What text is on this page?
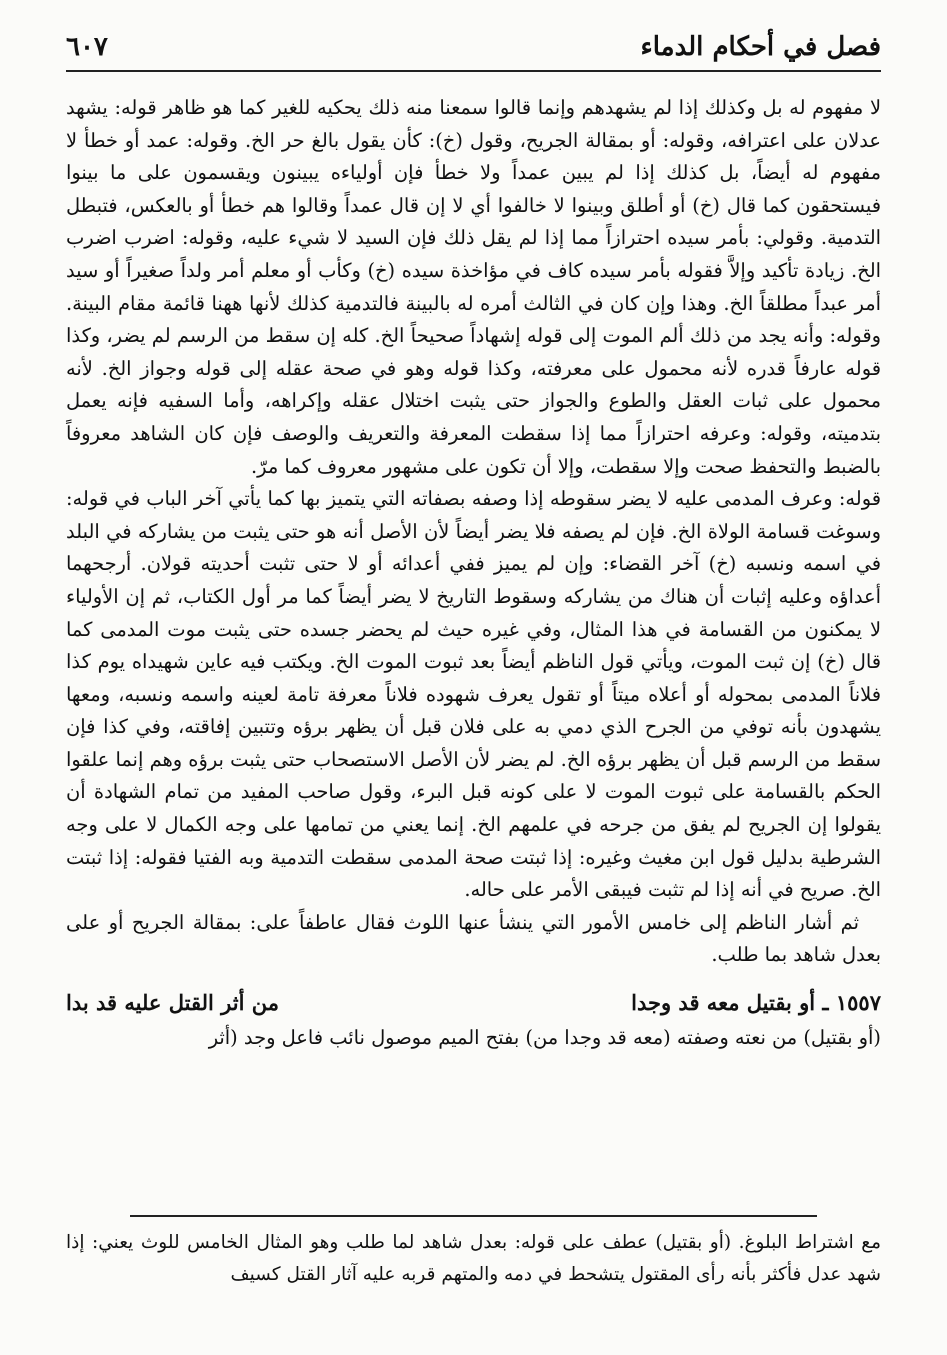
٦٠٧	فصل في أحكام الدماء

لا مفهوم له بل وكذلك إذا لم يشهدهم وإنما قالوا سمعنا منه ذلك يحكيه للغير كما هو ظاهر قوله: يشهد عدلان على اعترافه، وقوله: أو بمقالة الجريح، وقول (خ): كأن يقول بالغ حر الخ. وقوله: عمد أو خطأ لا مفهوم له أيضاً، بل كذلك إذا لم يبين عمداً ولا خطأ فإن أولياءه يبينون ويقسمون على ما بينوا فيستحقون كما قال (خ) أو أطلق وبينوا لا خالفوا أي لا إن قال عمداً وقالوا هم خطأ أو بالعكس، فتبطل التدمية. وقولي: بأمر سيده احترازاً مما إذا لم يقل ذلك فإن السيد لا شيء عليه، وقوله: اضرب اضرب الخ. زيادة تأكيد وإلاَّ فقوله بأمر سيده كاف في مؤاخذة سيده (خ) وكأب أو معلم أمر ولداً صغيراً أو سيد أمر عبداً مطلقاً الخ. وهذا وإن كان في الثالث أمره له بالبينة فالتدمية كذلك لأنها ههنا قائمة مقام البينة. وقوله: وأنه يجد من ذلك ألم الموت إلى قوله إشهاداً صحيحاً الخ. كله إن سقط من الرسم لم يضر، وكذا قوله عارفاً قدره لأنه محمول على معرفته، وكذا قوله وهو في صحة عقله إلى قوله وجواز الخ. لأنه محمول على ثبات العقل والطوع والجواز حتى يثبت اختلال عقله وإكراهه، وأما السفيه فإنه يعمل بتدميته، وقوله: وعرفه احترازاً مما إذا سقطت المعرفة والتعريف والوصف فإن كان الشاهد معروفاً بالضبط والتحفظ صحت وإلا سقطت، وإلا أن تكون على مشهور معروف كما مرّ.

قوله: وعرف المدمى عليه لا يضر سقوطه إذا وصفه بصفاته التي يتميز بها كما يأتي آخر الباب في قوله: وسوغت قسامة الولاة الخ. فإن لم يصفه فلا يضر أيضاً لأن الأصل أنه هو حتى يثبت من يشاركه في البلد في اسمه ونسبه (خ) آخر القضاء: وإن لم يميز ففي أعدائه أو لا حتى تثبت أحديته قولان. أرجحهما أعداؤه وعليه إثبات أن هناك من يشاركه وسقوط التاريخ لا يضر أيضاً كما مر أول الكتاب، ثم إن الأولياء لا يمكنون من القسامة في هذا المثال، وفي غيره حيث لم يحضر جسده حتى يثبت موت المدمى كما قال (خ) إن ثبت الموت، ويأتي قول الناظم أيضاً بعد ثبوت الموت الخ. ويكتب فيه عاين شهيداه يوم كذا فلاناً المدمى بمحوله أو أعلاه ميتاً أو تقول يعرف شهوده فلاناً معرفة تامة لعينه واسمه ونسبه، ومعها يشهدون بأنه توفي من الجرح الذي دمي به على فلان قبل أن يظهر برؤه وتتبين إفاقته، وفي كذا فإن سقط من الرسم قبل أن يظهر برؤه الخ. لم يضر لأن الأصل الاستصحاب حتى يثبت برؤه وهم إنما علقوا الحكم بالقسامة على ثبوت الموت لا على كونه قبل البرء، وقول صاحب المفيد من تمام الشهادة أن يقولوا إن الجريح لم يفق من جرحه في علمهم الخ. إنما يعني من تمامها على وجه الكمال لا على وجه الشرطية بدليل قول ابن مغيث وغيره: إذا ثبتت صحة المدمى سقطت التدمية وبه الفتيا فقوله: إذا ثبتت الخ. صريح في أنه إذا لم تثبت فيبقى الأمر على حاله.

ثم أشار الناظم إلى خامس الأمور التي ينشأ عنها اللوث فقال عاطفاً على: بمقالة الجريح أو على بعدل شاهد بما طلب.

١٥٥٧ ـ أو بقتيل معه قد وجدا
من أثر القتل عليه قد بدا

(أو بقتيل) من نعته وصفته (معه قد وجدا من) بفتح الميم موصول نائب فاعل وجد (أثر

مع اشتراط البلوغ. (أو بقتيل) عطف على قوله: بعدل شاهد لما طلب وهو المثال الخامس للوث يعني: إذا شهد عدل فأكثر بأنه رأى المقتول يتشحط في دمه والمتهم قربه عليه آثار القتل كسيف
